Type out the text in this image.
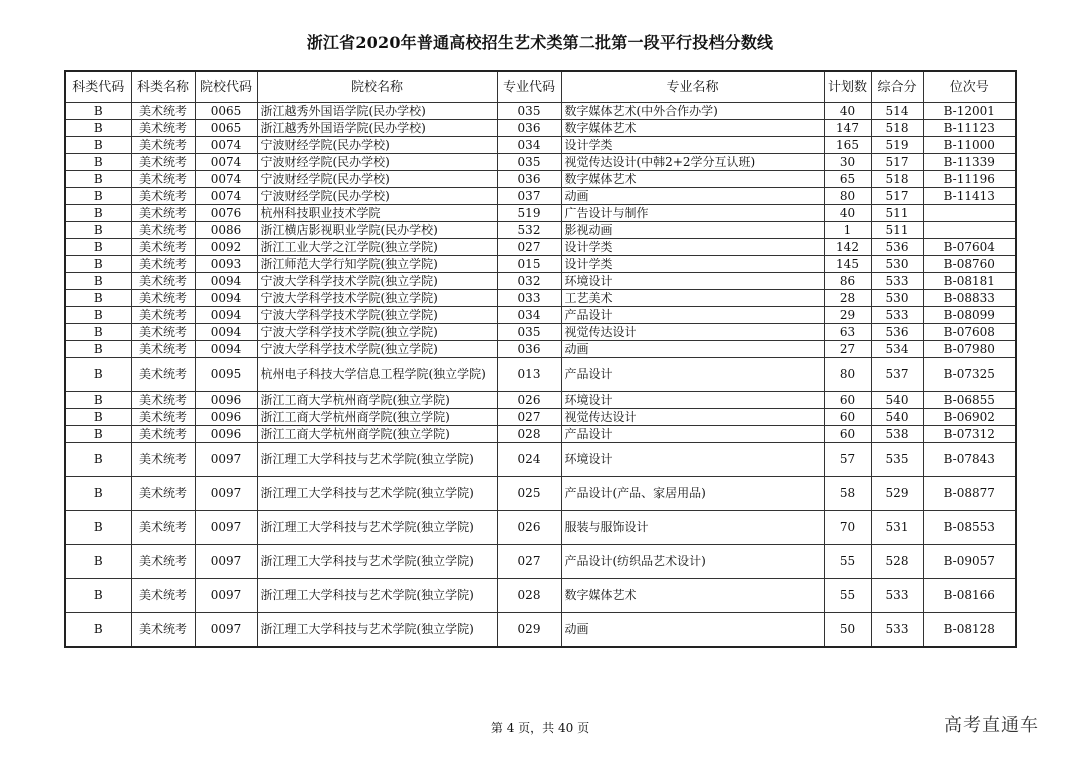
浙江省2020年普通高校招生艺术类第二批第一段平行投档分数线
科类代码	科类名称	院校代码	院校名称	专业代码	专业名称	计划数	综合分	位次号
B	美术统考	0065	浙江越秀外国语学院(民办学校)	035	数字媒体艺术(中外合作办学)	40	514	B-12001
B	美术统考	0065	浙江越秀外国语学院(民办学校)	036	数字媒体艺术	147	518	B-11123
B	美术统考	0074	宁波财经学院(民办学校)	034	设计学类	165	519	B-11000
B	美术统考	0074	宁波财经学院(民办学校)	035	视觉传达设计(中韩2+2学分互认班)	30	517	B-11339
B	美术统考	0074	宁波财经学院(民办学校)	036	数字媒体艺术	65	518	B-11196
B	美术统考	0074	宁波财经学院(民办学校)	037	动画	80	517	B-11413
B	美术统考	0076	杭州科技职业技术学院	519	广告设计与制作	40	511	
B	美术统考	0086	浙江横店影视职业学院(民办学校)	532	影视动画	1	511	
B	美术统考	0092	浙江工业大学之江学院(独立学院)	027	设计学类	142	536	B-07604
B	美术统考	0093	浙江师范大学行知学院(独立学院)	015	设计学类	145	530	B-08760
B	美术统考	0094	宁波大学科学技术学院(独立学院)	032	环境设计	86	533	B-08181
B	美术统考	0094	宁波大学科学技术学院(独立学院)	033	工艺美术	28	530	B-08833
B	美术统考	0094	宁波大学科学技术学院(独立学院)	034	产品设计	29	533	B-08099
B	美术统考	0094	宁波大学科学技术学院(独立学院)	035	视觉传达设计	63	536	B-07608
B	美术统考	0094	宁波大学科学技术学院(独立学院)	036	动画	27	534	B-07980
B	美术统考	0095	杭州电子科技大学信息工程学院(独立学院)	013	产品设计	80	537	B-07325
B	美术统考	0096	浙江工商大学杭州商学院(独立学院)	026	环境设计	60	540	B-06855
B	美术统考	0096	浙江工商大学杭州商学院(独立学院)	027	视觉传达设计	60	540	B-06902
B	美术统考	0096	浙江工商大学杭州商学院(独立学院)	028	产品设计	60	538	B-07312
B	美术统考	0097	浙江理工大学科技与艺术学院(独立学院)	024	环境设计	57	535	B-07843
B	美术统考	0097	浙江理工大学科技与艺术学院(独立学院)	025	产品设计(产品、家居用品)	58	529	B-08877
B	美术统考	0097	浙江理工大学科技与艺术学院(独立学院)	026	服装与服饰设计	70	531	B-08553
B	美术统考	0097	浙江理工大学科技与艺术学院(独立学院)	027	产品设计(纺织品艺术设计)	55	528	B-09057
B	美术统考	0097	浙江理工大学科技与艺术学院(独立学院)	028	数字媒体艺术	55	533	B-08166
B	美术统考	0097	浙江理工大学科技与艺术学院(独立学院)	029	动画	50	533	B-08128
第 4 页，共 40 页	高考直通车
